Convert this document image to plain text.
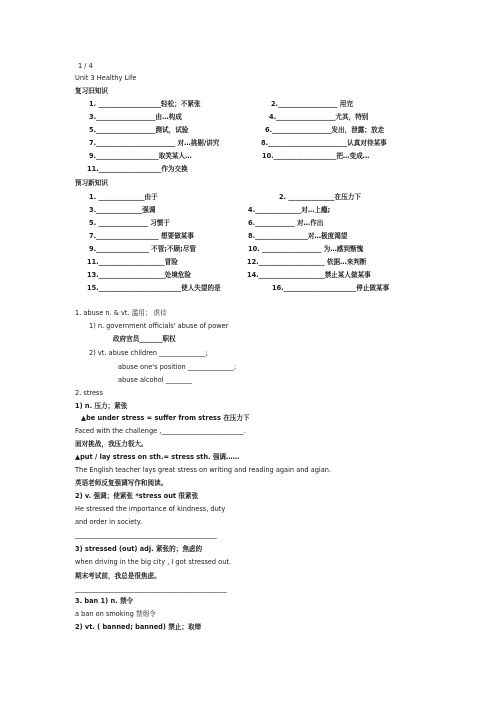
1 / 4
Unit 3 Healthy Life
复习旧知识
1. ___________________轻松；不紧张	2.__________________ 用完
3.__________________由…构成	4.__________________尤其，特别
5.__________________测试，试验	6.__________________发出，泄露；放走
7.________________________ 对…挑剔/讲究	8.________________________认真对待某事
9.___________________取笑某人…	10.___________________把…变成…
11.___________________作为交换
预习新知识
1. ______________由于	2. ______________在压力下
3.______________强调	4.______________对…上瘾;
5. _______________ 习惯于	6.____________ 对…作出
7.___________________ 想要做某事	8.________________对…极度渴望
9.________________ 不管;不顾;尽管	10. __________________ 为…感到惭愧
11.____________________冒险	12.____________________ 依据…来判断
13.____________________处境危险	14.____________________禁止某人做某事
15._________________________使人失望的是	16.______________________停止做某事
1. abuse n. & vt. 滥用； 虐待
1) n. government officials' abuse of power
政府官员_______职权
2) vt. abuse children ______________;
abuse one's position ______________;
abuse alcohol ________
2. stress
1) n. 压力；紧张
▲be under stress = suffer from stress 在压力下
Faced with the challenge ,_________________________.
面对挑战，我压力很大。
▲put / lay stress on sth.= stress sth. 强调……
The English teacher lays great stress on writing and reading again and agian.
英语老师反复强调写作和阅读。
2) v. 强调；使紧张 *stress out 很紧张
He stressed the importance of kindness, duty
and order in society.
___________________________________________
3) stressed (out) adj. 紧张的；焦虑的
when driving in the big city , I got stressed out.
期末考试前，我总是很焦虑。
______________________________________________
3. ban 1) n. 禁令
a ban on smoking 禁烟令
2) vt. ( banned; banned) 禁止；取缔
